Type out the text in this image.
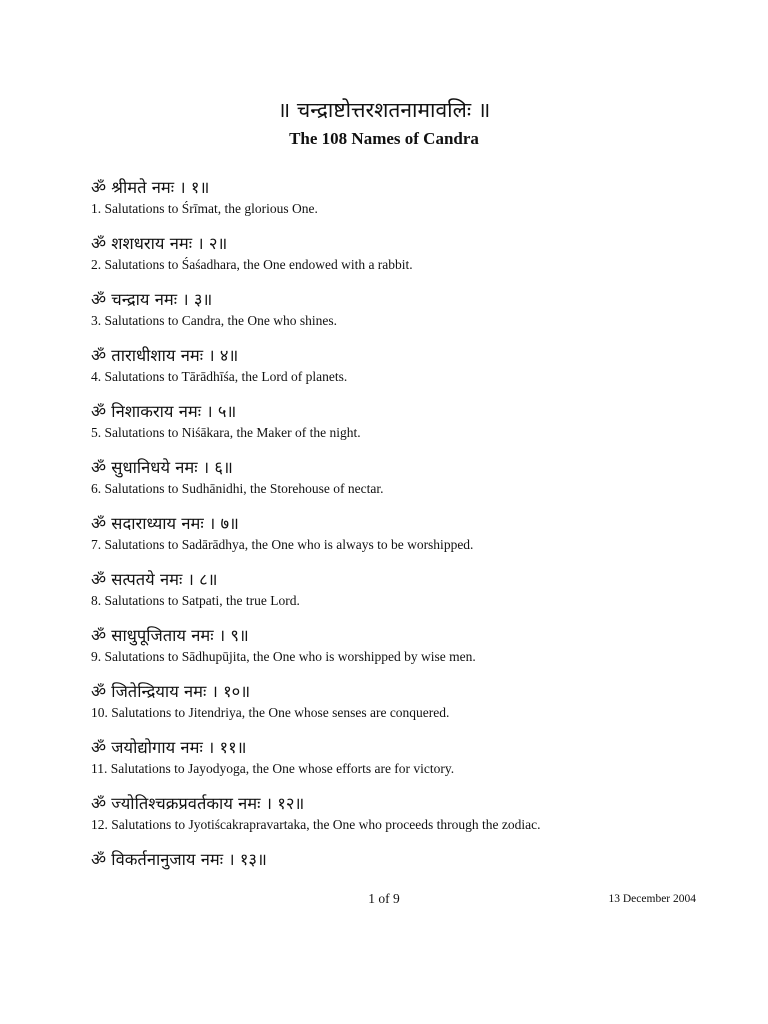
॥ चन्द्राष्टोत्तरशतनामावलिः ॥
The 108 Names of Candra
ॐ श्रीमते नमः । १॥
1. Salutations to Śrīmat, the glorious One.
ॐ शशधराय नमः । २॥
2. Salutations to Śaśadhara, the One endowed with a rabbit.
ॐ चन्द्राय नमः । ३॥
3. Salutations to Candra, the One who shines.
ॐ ताराधीशाय नमः । ४॥
4. Salutations to Tārādhīśa, the Lord of planets.
ॐ निशाकराय नमः । ५॥
5. Salutations to Niśākara, the Maker of the night.
ॐ सुधानिधये नमः । ६॥
6. Salutations to Sudhānidhi, the Storehouse of nectar.
ॐ सदाराध्याय नमः । ७॥
7. Salutations to Sadārādhya, the One who is always to be worshipped.
ॐ सत्पतये नमः । ८॥
8. Salutations to Satpati, the true Lord.
ॐ साधुपूजिताय नमः । ९॥
9. Salutations to Sādhupūjita, the One who is worshipped by wise men.
ॐ जितेन्द्रियाय नमः । १०॥
10. Salutations to Jitendriya, the One whose senses are conquered.
ॐ जयोद्योगाय नमः । ११॥
11. Salutations to Jayodyoga, the One whose efforts are for victory.
ॐ ज्योतिश्चक्रप्रवर्तकाय नमः । १२॥
12. Salutations to Jyotiścakrapravartaka, the One who proceeds through the zodiac.
ॐ विकर्तनानुजाय नमः । १३॥
1 of 9	13 December 2004
